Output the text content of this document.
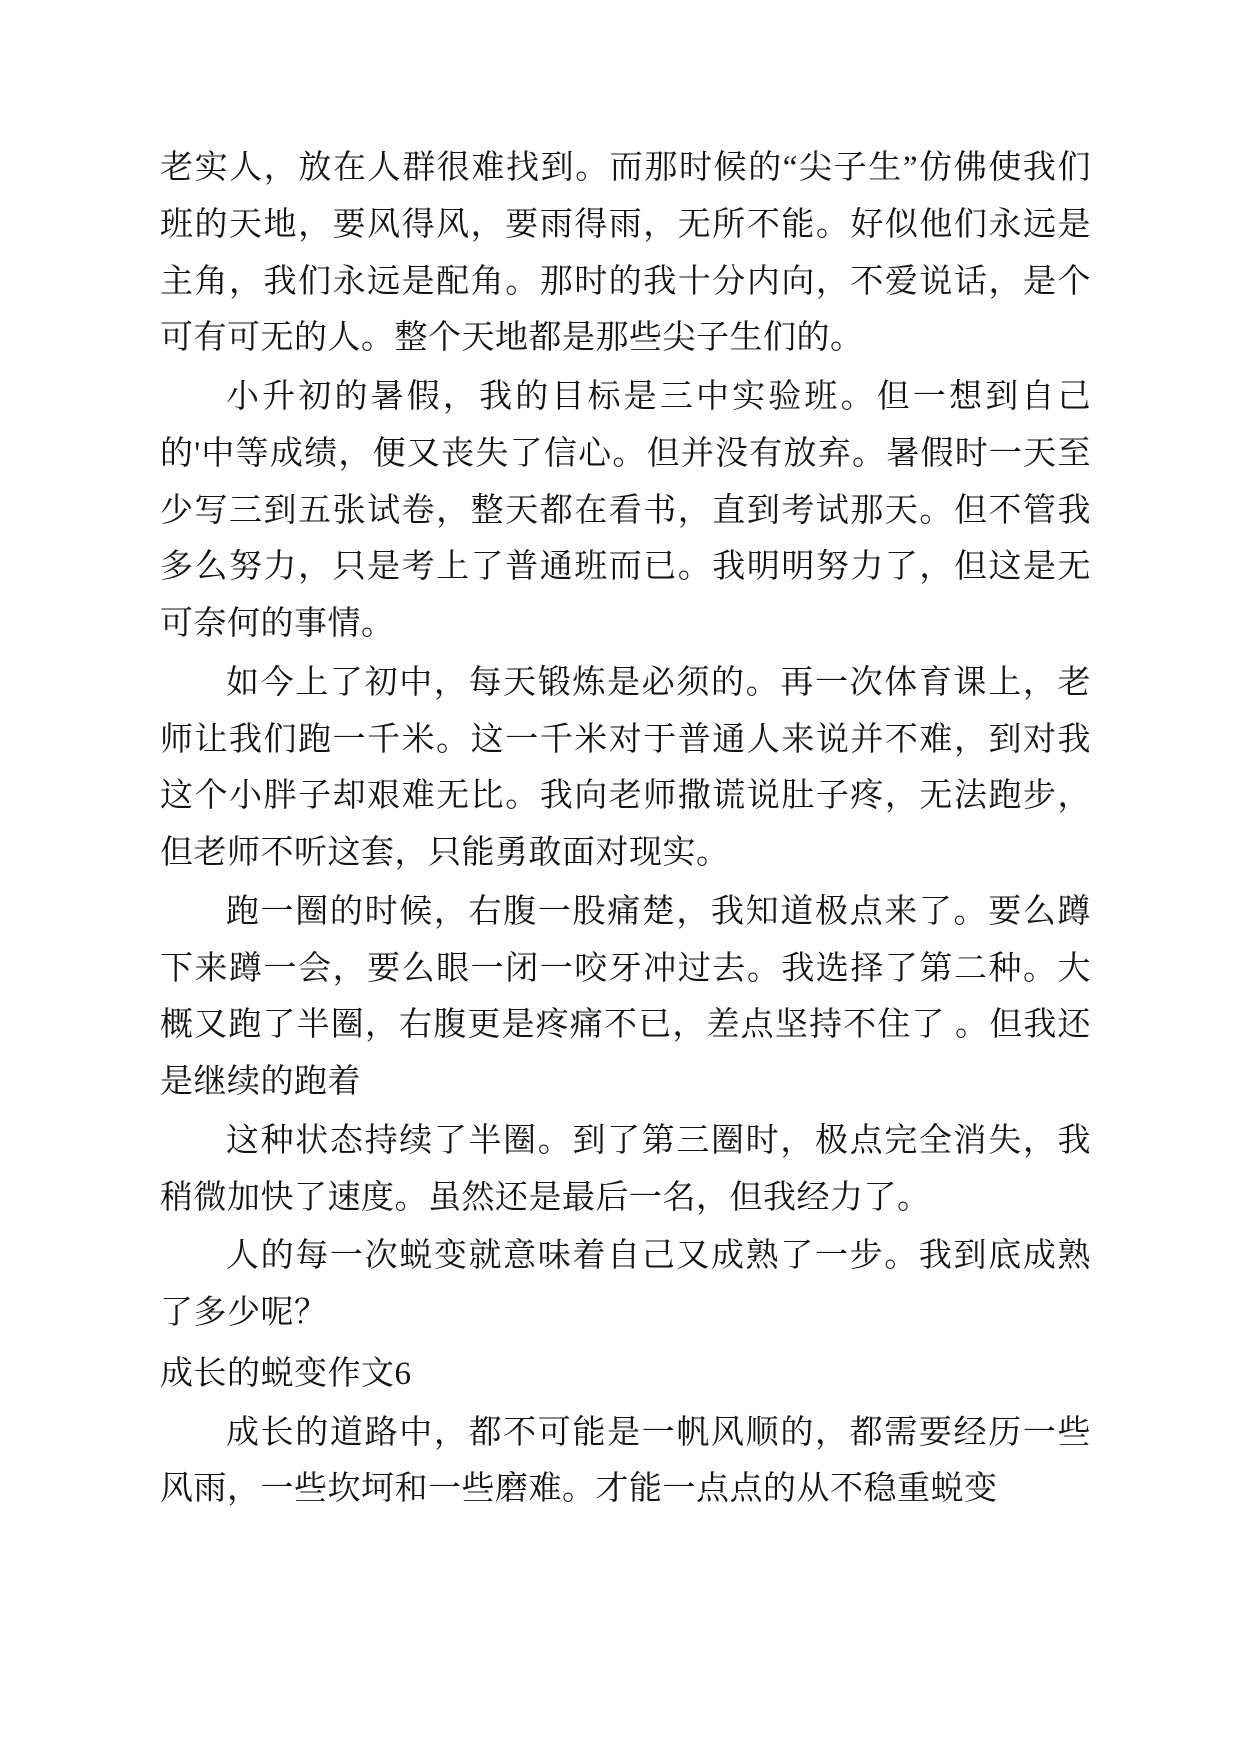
老实人，放在人群很难找到。而那时候的“尖子生”仿佛使我们班的天地，要风得风，要雨得雨，无所不能。好似他们永远是主角，我们永远是配角。那时的我十分内向，不爱说话，是个可有可无的人。整个天地都是那些尖子生们的。

小升初的暑假，我的目标是三中实验班。但一想到自己的'中等成绩，便又丧失了信心。但并没有放弃。暑假时一天至少写三到五张试卷，整天都在看书，直到考试那天。但不管我多么努力，只是考上了普通班而已。我明明努力了，但这是无可奈何的事情。

如今上了初中，每天锻炼是必须的。再一次体育课上，老师让我们跑一千米。这一千米对于普通人来说并不难，到对我这个小胖子却艰难无比。我向老师撒谎说肚子疼，无法跑步，但老师不听这套，只能勇敢面对现实。

跑一圈的时候，右腹一股痛楚，我知道极点来了。要么蹲下来蹲一会，要么眼一闭一咬牙冲过去。我选择了第二种。大概又跑了半圈，右腹更是疼痛不已，差点坚持不住了 。但我还是继续的跑着

这种状态持续了半圈。到了第三圈时，极点完全消失，我稍微加快了速度。虽然还是最后一名，但我经力了。

人的每一次蜕变就意味着自己又成熟了一步。我到底成熟了多少呢？

成长的蜕变作文6

成长的道路中，都不可能是一帆风顺的，都需要经历一些风雨，一些坎坷和一些磨难。才能一点点的从不稳重蜕变
